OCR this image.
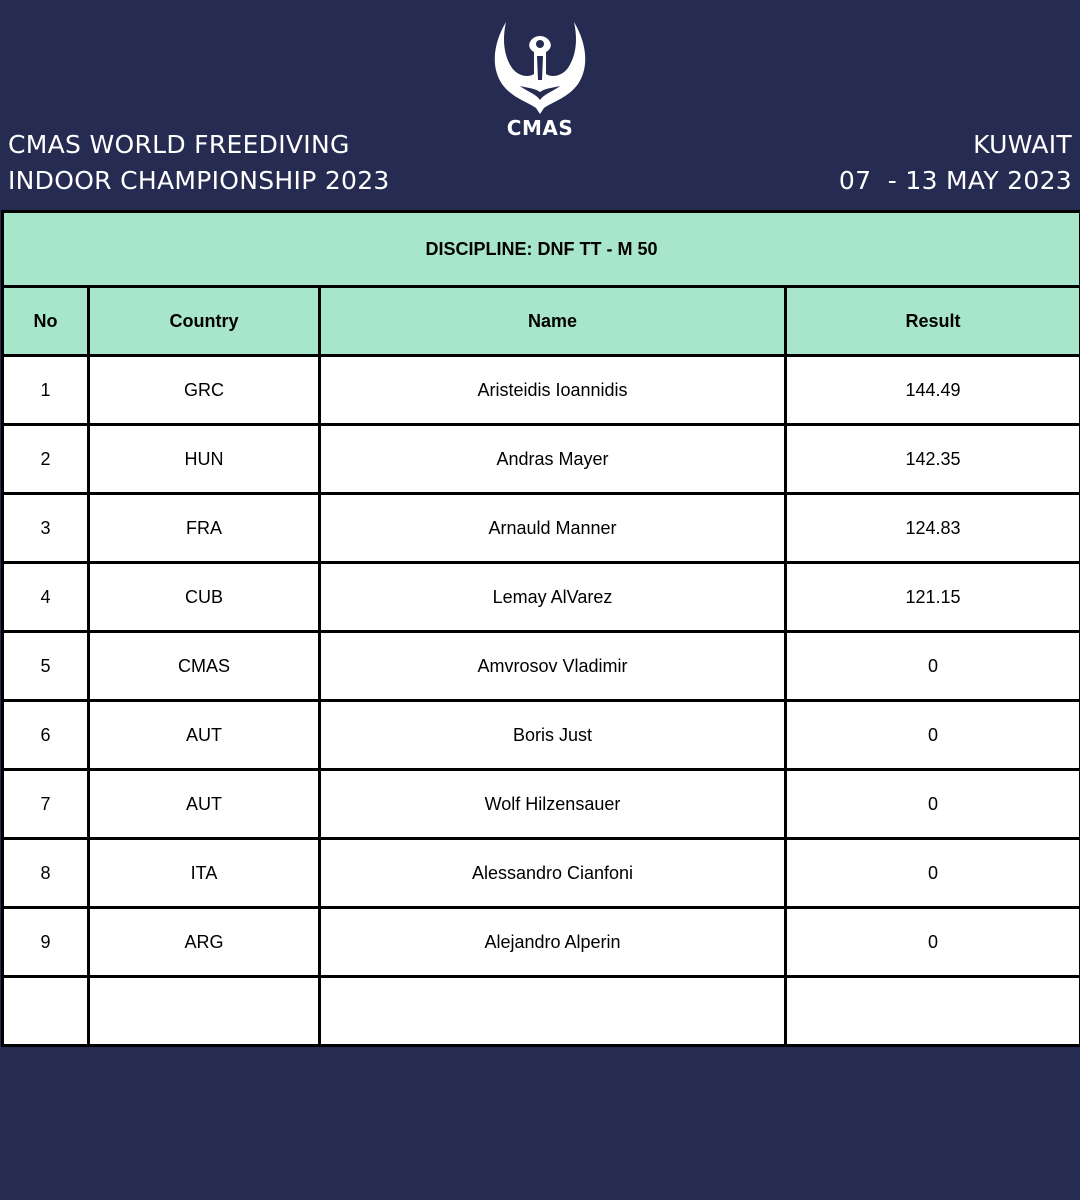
CMAS WORLD FREEDIVING
INDOOR CHAMPIONSHIP 2023
CMAS
KUWAIT
07  - 13 MAY 2023
DISCIPLINE: DNF TT - M 50			
No	Country	Name	Result
1	GRC	Aristeidis Ioannidis	144.49
2	HUN	Andras Mayer	142.35
3	FRA	Arnauld Manner	124.83
4	CUB	Lemay AlVarez	121.15
5	CMAS	Amvrosov Vladimir	0
6	AUT	Boris Just	0
7	AUT	Wolf Hilzensauer	0
8	ITA	Alessandro Cianfoni	0
9	ARG	Alejandro Alperin	0
